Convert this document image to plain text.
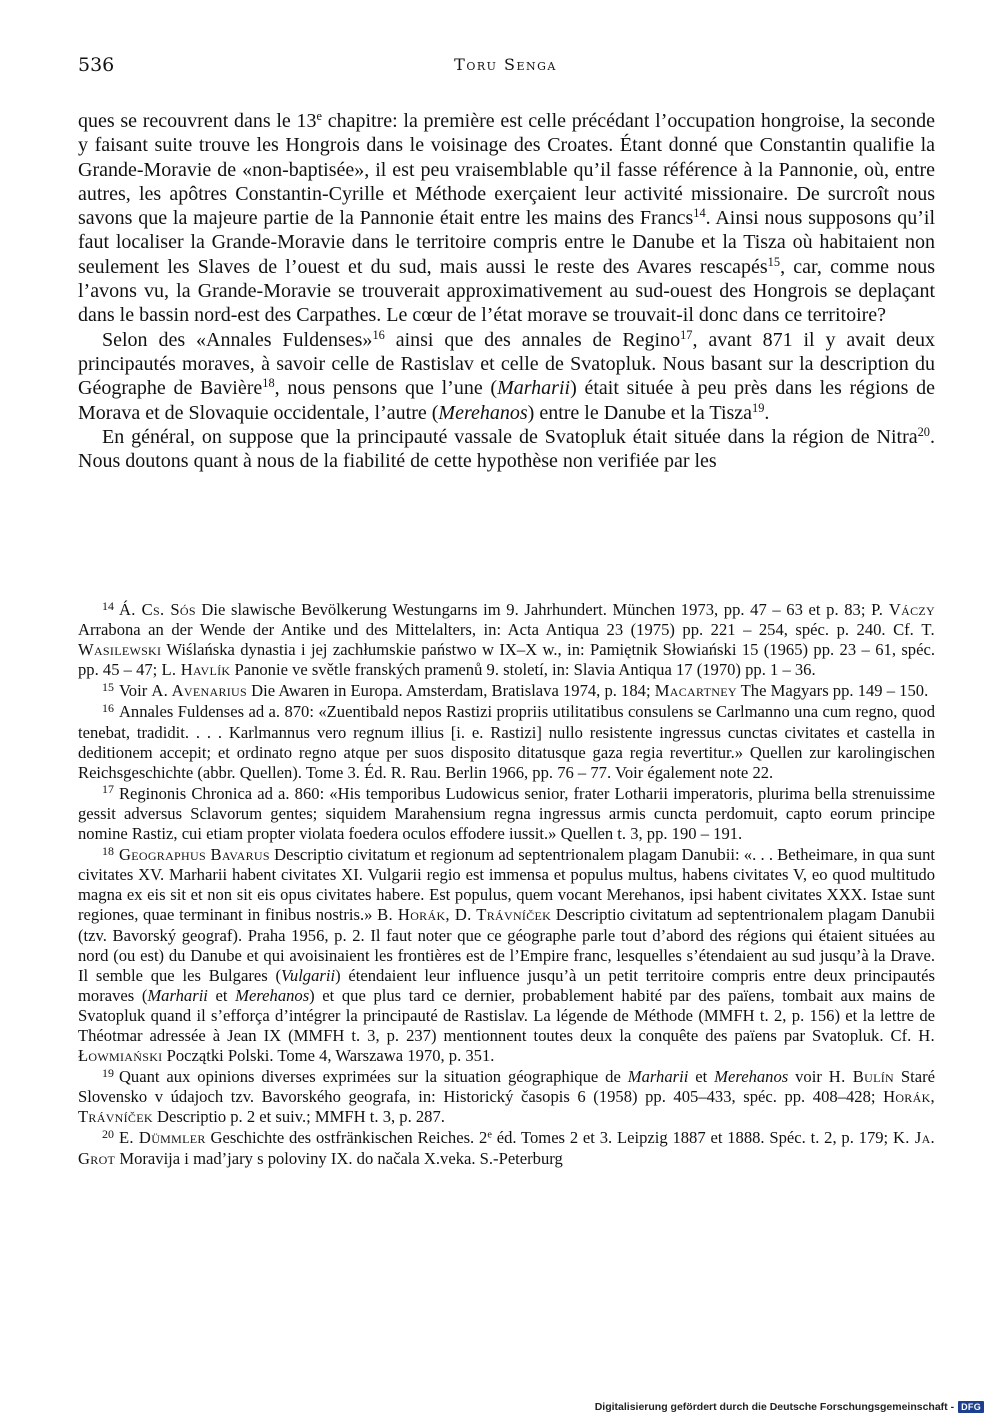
536	Toru Senga

ques se recouvrent dans le 13e chapitre: la première est celle précédant l’occupation hongroise, la seconde y faisant suite trouve les Hongrois dans le voisinage des Croates. Étant donné que Constantin qualifie la Grande-Moravie de «non-baptisée», il est peu vraisemblable qu’il fasse référence à la Pannonie, où, entre autres, les apôtres Constantin-Cyrille et Méthode exerçaient leur activité missionaire. De surcroît nous savons que la majeure partie de la Pannonie était entre les mains des Francs$^{14}$. Ainsi nous supposons qu’il faut localiser la Grande-Moravie dans le territoire compris entre le Danube et la Tisza où habitaient non seulement les Slaves de l’ouest et du sud, mais aussi le reste des Avares rescapés$^{15}$, car, comme nous l’avons vu, la Grande-Moravie se trouverait approximativement au sud-ouest des Hongrois se deplaçant dans le bassin nord-est des Carpathes. Le cœur de l’état morave se trouvait-il donc dans ce territoire?

Selon des «Annales Fuldenses»$^{16}$ ainsi que des annales de Regino$^{17}$, avant 871 il y avait deux principautés moraves, à savoir celle de Rastislav et celle de Svatopluk. Nous basant sur la description du Géographe de Bavière$^{18}$, nous pensons que l’une (Marharii) était située à peu près dans les régions de Morava et de Slovaquie occidentale, l’autre (Merehanos) entre le Danube et la Tisza$^{19}$.

En général, on suppose que la principauté vassale de Svatopluk était située dans la région de Nitra$^{20}$. Nous doutons quant à nous de la fiabilité de cette hypothèse non verifiée par les

$^{14}$ Á. Cs. Sós Die slawische Bevölkerung Westungarns im 9. Jahrhundert. München 1973, pp. 47 – 63 et p. 83; P. Váczy Arrabona an der Wende der Antike und des Mittelalters, in: Acta Antiqua 23 (1975) pp. 221 – 254, spéc. p. 240. Cf. T. Wasilewski Wiślańska dynastia i jej zachłumskie państwo w IX–X w., in: Pamiętnik Słowiański 15 (1965) pp. 23 – 61, spéc. pp. 45 – 47; L. Havlík Panonie ve světle franských pramenů 9. století, in: Slavia Antiqua 17 (1970) pp. 1 – 36.

$^{15}$ Voir A. Avenarius Die Awaren in Europa. Amsterdam, Bratislava 1974, p. 184; Macartney The Magyars pp. 149 – 150.

$^{16}$ Annales Fuldenses ad a. 870: «Zuentibald nepos Rastizi propriis utilitatibus consulens se Carlmanno una cum regno, quod tenebat, tradidit. . . . Karlmannus vero regnum illius [i. e. Rastizi] nullo resistente ingressus cunctas civitates et castella in deditionem accepit; et ordinato regno atque per suos disposito ditatusque gaza regia revertitur.» Quellen zur karolingischen Reichsgeschichte (abbr. Quellen). Tome 3. Éd. R. Rau. Berlin 1966, pp. 76 – 77. Voir également note 22.

$^{17}$ Reginonis Chronica ad a. 860: «His temporibus Ludowicus senior, frater Lotharii imperatoris, plurima bella strenuissime gessit adversus Sclavorum gentes; siquidem Marahensium regna ingressus armis cuncta perdomuit, capto eorum principe nomine Rastiz, cui etiam propter violata foedera oculos effodere iussit.» Quellen t. 3, pp. 190 – 191.

$^{18}$ Geographus Bavarus Descriptio civitatum et regionum ad septentrionalem plagam Danubii: «. . . Betheimare, in qua sunt civitates XV. Marharii habent civitates XI. Vulgarii regio est immensa et populus multus, habens civitates V, eo quod multitudo magna ex eis sit et non sit eis opus civitates habere. Est populus, quem vocant Merehanos, ipsi habent civitates XXX. Istae sunt regiones, quae terminant in finibus nostris.» B. Horák, D. Trávníček Descriptio civitatum ad septentrionalem plagam Danubii (tzv. Bavorský geograf). Praha 1956, p. 2. Il faut noter que ce géographe parle tout d’abord des régions qui étaient situées au nord (ou est) du Danube et qui avoisinaient les frontières est de l’Empire franc, lesquelles s’étendaient au sud jusqu’à la Drave. Il semble que les Bulgares (Vulgarii) étendaient leur influence jusqu’à un petit territoire compris entre deux principautés moraves (Marharii et Merehanos) et que plus tard ce dernier, probablement habité par des païens, tombait aux mains de Svatopluk quand il s’efforça d’intégrer la principauté de Rastislav. La légende de Méthode (MMFH t. 2, p. 156) et la lettre de Théotmar adressée à Jean IX (MMFH t. 3, p. 237) mentionnent toutes deux la conquête des païens par Svatopluk. Cf. H. Łowmiański Początki Polski. Tome 4, Warszawa 1970, p. 351.

$^{19}$ Quant aux opinions diverses exprimées sur la situation géographique de Marharii et Merehanos voir H. Bulín Staré Slovensko v údajoch tzv. Bavorského geografa, in: Historický časopis 6 (1958) pp. 405–433, spéc. pp. 408–428; Horák, Trávníček Descriptio p. 2 et suiv.; MMFH t. 3, p. 287.

$^{20}$ E. Dümmler Geschichte des ostfränkischen Reiches. 2e éd. Tomes 2 et 3. Leipzig 1887 et 1888. Spéc. t. 2, p. 179; K. Ja. Grot Moravija i mad’jary s poloviny IX. do načala X.veka. S.-Peterburg

Digitalisierung gefördert durch die Deutsche Forschungsgemeinschaft - DFG
